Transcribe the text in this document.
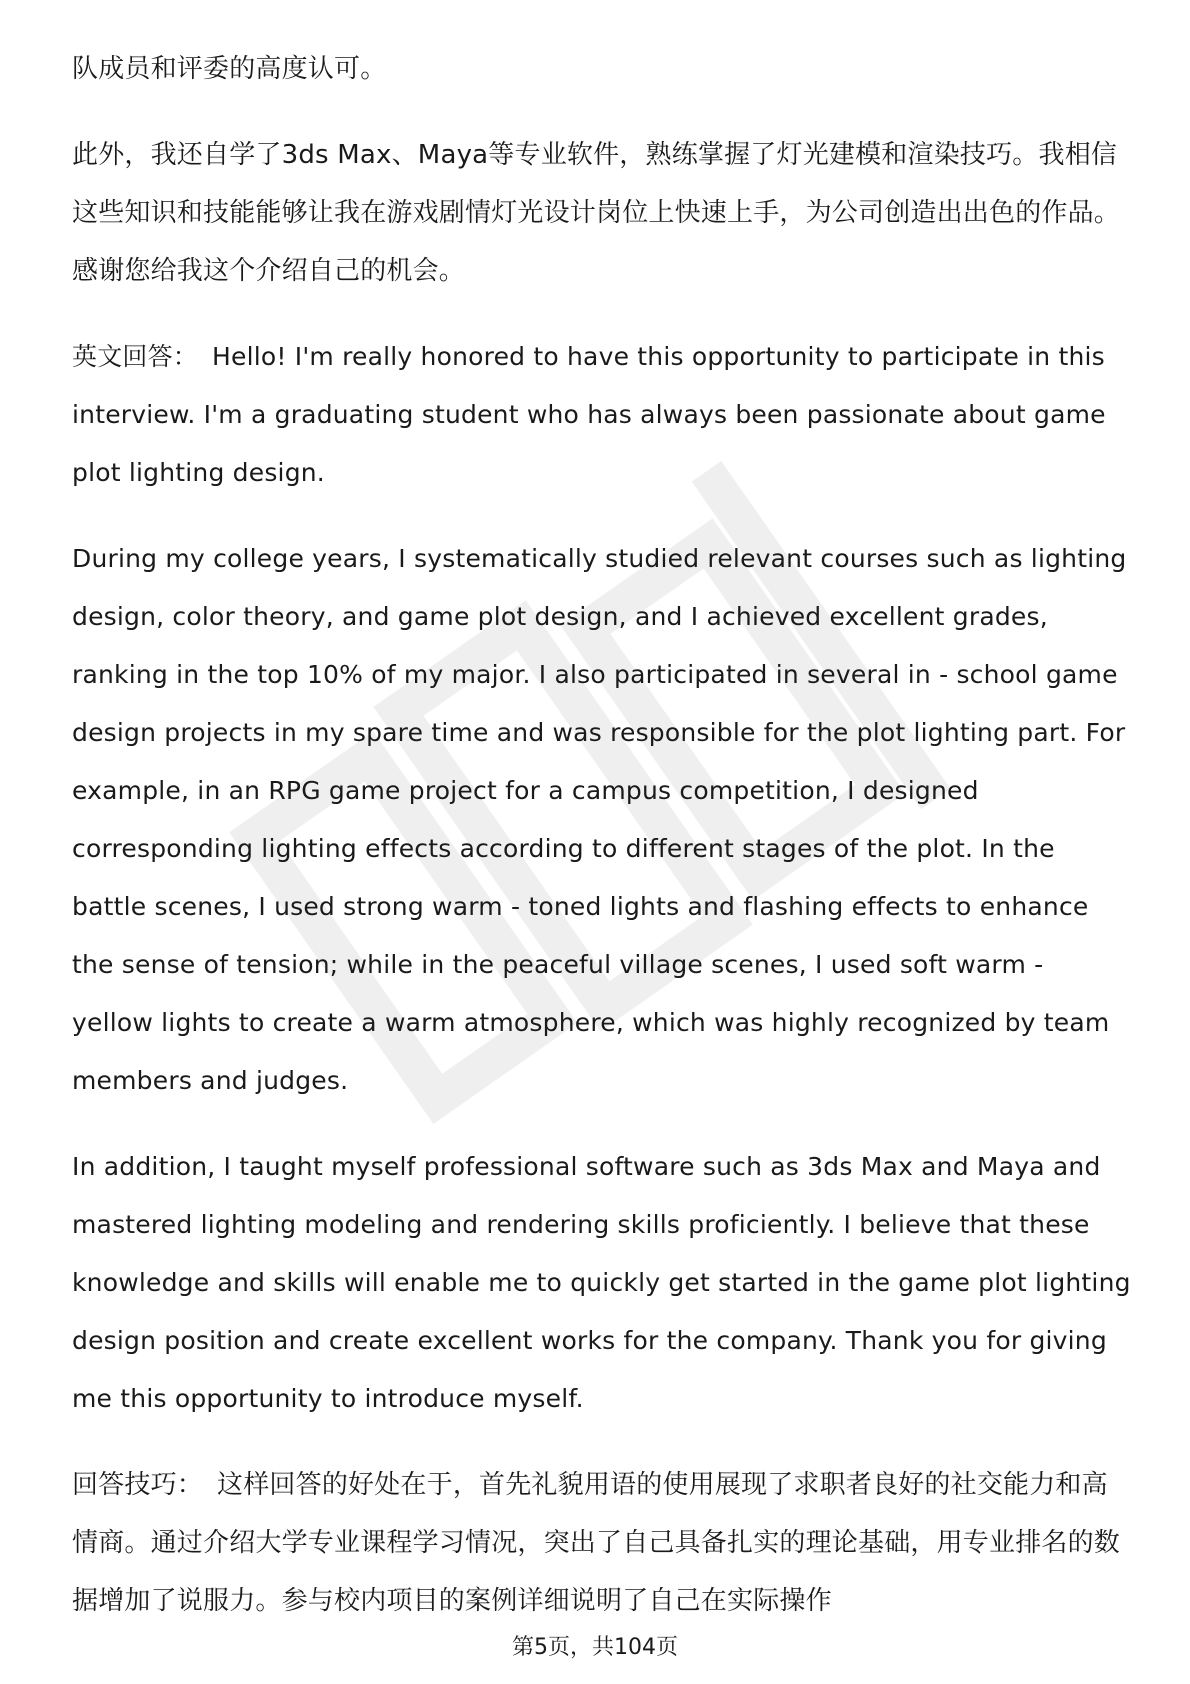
职场资料库

队成员和评委的高度认可。

此外，我还自学了3ds Max、Maya等专业软件，熟练掌握了灯光建模和渲染技巧。我相信这些知识和技能能够让我在游戏剧情灯光设计岗位上快速上手，为公司创造出出色的作品。感谢您给我这个介绍自己的机会。

英文回答： Hello! I'm really honored to have this opportunity to participate in this interview. I'm a graduating student who has always been passionate about game plot lighting design.

During my college years, I systematically studied relevant courses such as lighting design, color theory, and game plot design, and I achieved excellent grades, ranking in the top 10% of my major. I also participated in several in - school game design projects in my spare time and was responsible for the plot lighting part. For example, in an RPG game project for a campus competition, I designed corresponding lighting effects according to different stages of the plot. In the battle scenes, I used strong warm - toned lights and flashing effects to enhance the sense of tension; while in the peaceful village scenes, I used soft warm - yellow lights to create a warm atmosphere, which was highly recognized by team members and judges.

In addition, I taught myself professional software such as 3ds Max and Maya and mastered lighting modeling and rendering skills proficiently. I believe that these knowledge and skills will enable me to quickly get started in the game plot lighting design position and create excellent works for the company. Thank you for giving me this opportunity to introduce myself.

回答技巧： 这样回答的好处在于，首先礼貌用语的使用展现了求职者良好的社交能力和高情商。通过介绍大学专业课程学习情况，突出了自己具备扎实的理论基础，用专业排名的数据增加了说服力。参与校内项目的案例详细说明了自己在实际操作

第5页，共104页
